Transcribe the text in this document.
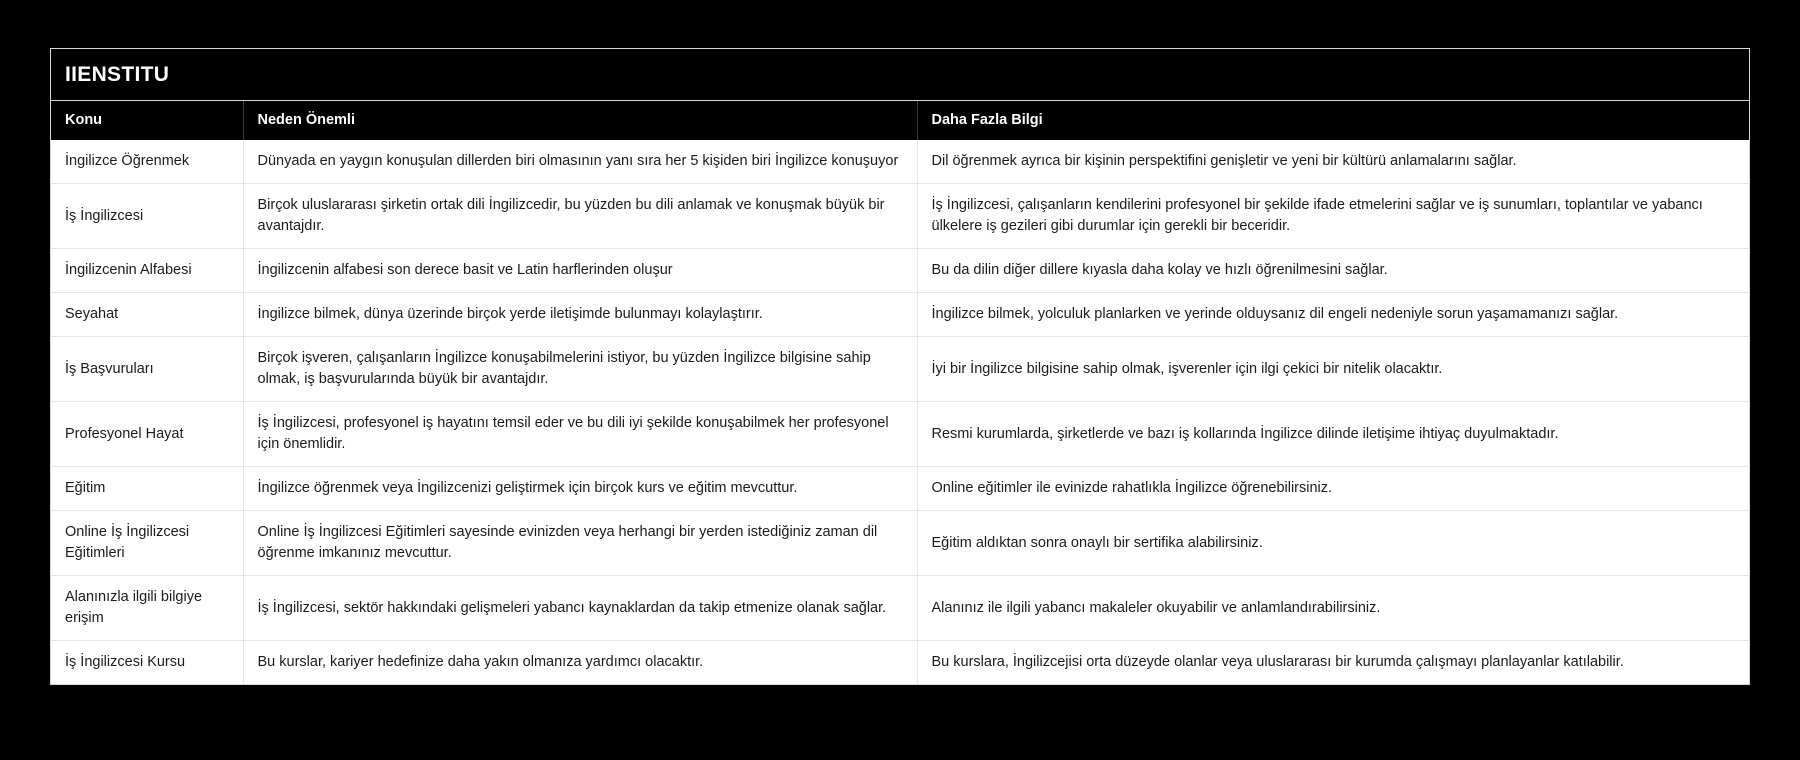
IIENSTITU
Konu	Neden Önemli	Daha Fazla Bilgi
İngilizce Öğrenmek	Dünyada en yaygın konuşulan dillerden biri olmasının yanı sıra her 5 kişiden biri İngilizce konuşuyor	Dil öğrenmek ayrıca bir kişinin perspektifini genişletir ve yeni bir kültürü anlamalarını sağlar.
İş İngilizcesi	Birçok uluslararası şirketin ortak dili İngilizcedir, bu yüzden bu dili anlamak ve konuşmak büyük bir avantajdır.	İş İngilizcesi, çalışanların kendilerini profesyonel bir şekilde ifade etmelerini sağlar ve iş sunumları, toplantılar ve yabancı ülkelere iş gezileri gibi durumlar için gerekli bir beceridir.
İngilizcenin Alfabesi	İngilizcenin alfabesi son derece basit ve Latin harflerinden oluşur	Bu da dilin diğer dillere kıyasla daha kolay ve hızlı öğrenilmesini sağlar.
Seyahat	İngilizce bilmek, dünya üzerinde birçok yerde iletişimde bulunmayı kolaylaştırır.	İngilizce bilmek, yolculuk planlarken ve yerinde olduysanız dil engeli nedeniyle sorun yaşamamanızı sağlar.
İş Başvuruları	Birçok işveren, çalışanların İngilizce konuşabilmelerini istiyor, bu yüzden İngilizce bilgisine sahip olmak, iş başvurularında büyük bir avantajdır.	İyi bir İngilizce bilgisine sahip olmak, işverenler için ilgi çekici bir nitelik olacaktır.
Profesyonel Hayat	İş İngilizcesi, profesyonel iş hayatını temsil eder ve bu dili iyi şekilde konuşabilmek her profesyonel için önemlidir.	Resmi kurumlarda, şirketlerde ve bazı iş kollarında İngilizce dilinde iletişime ihtiyaç duyulmaktadır.
Eğitim	İngilizce öğrenmek veya İngilizcenizi geliştirmek için birçok kurs ve eğitim mevcuttur.	Online eğitimler ile evinizde rahatlıkla İngilizce öğrenebilirsiniz.
Online İş İngilizcesi Eğitimleri	Online İş İngilizcesi Eğitimleri sayesinde evinizden veya herhangi bir yerden istediğiniz zaman dil öğrenme imkanınız mevcuttur.	Eğitim aldıktan sonra onaylı bir sertifika alabilirsiniz.
Alanınızla ilgili bilgiye erişim	İş İngilizcesi, sektör hakkındaki gelişmeleri yabancı kaynaklardan da takip etmenize olanak sağlar.	Alanınız ile ilgili yabancı makaleler okuyabilir ve anlamlandırabilirsiniz.
İş İngilizcesi Kursu	Bu kurslar, kariyer hedefinize daha yakın olmanıza yardımcı olacaktır.	Bu kurslara, İngilizcejisi orta düzeyde olanlar veya uluslararası bir kurumda çalışmayı planlayanlar katılabilir.
